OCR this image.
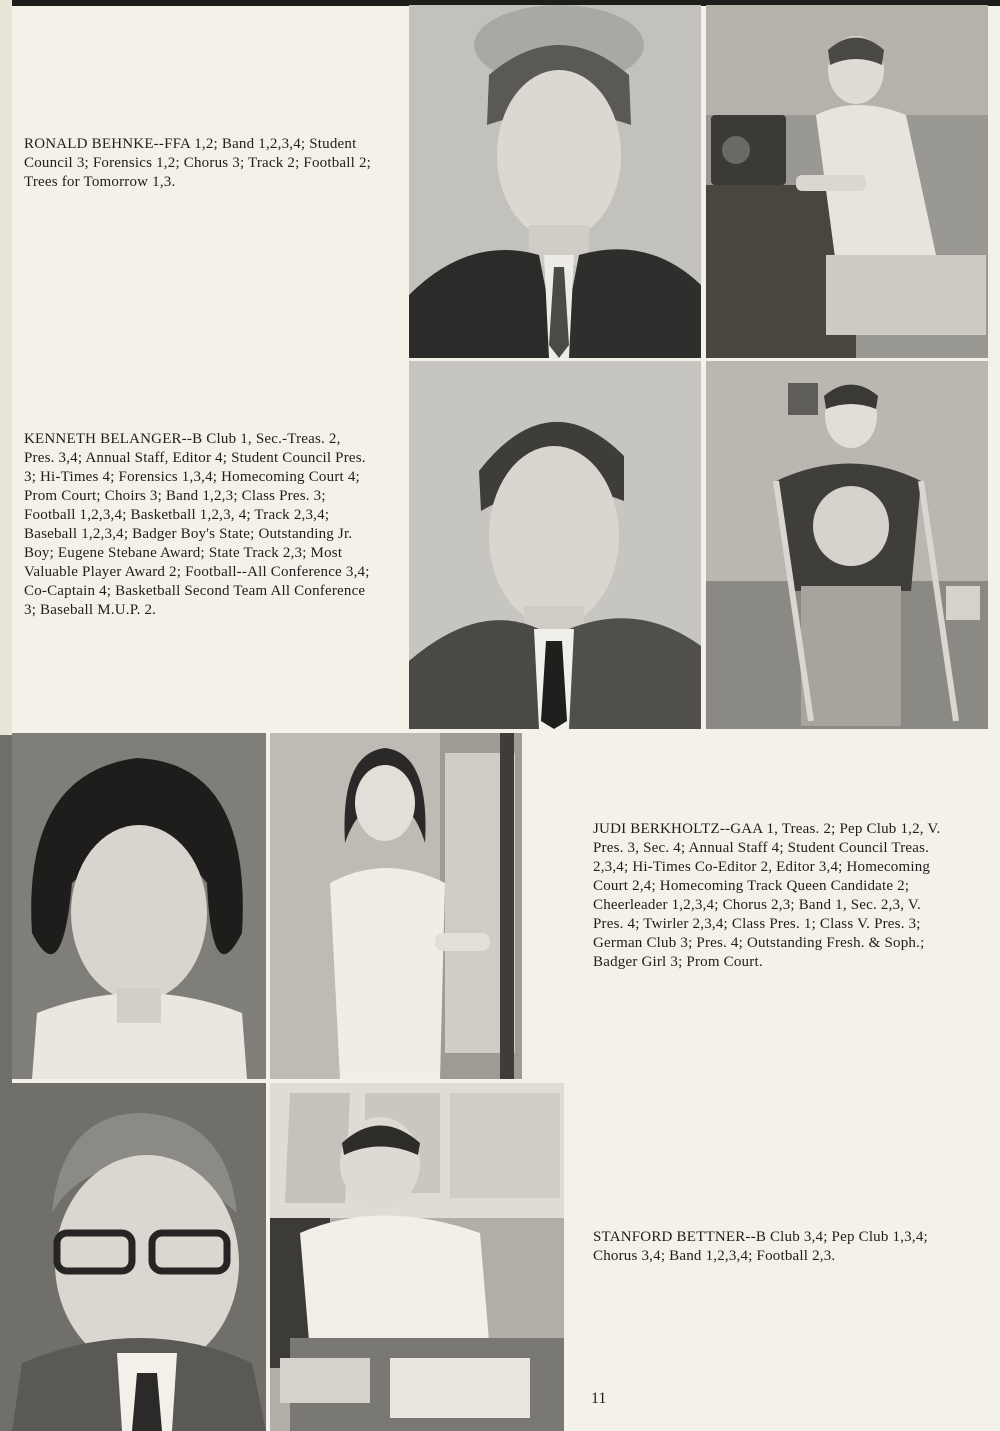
RONALD BEHNKE--FFA 1,2; Band 1,2,3,4; Student Council 3; Forensics 1,2; Chorus 3; Track 2; Football 2; Trees for Tomorrow 1,3.

KENNETH BELANGER--B Club 1, Sec.-Treas. 2, Pres. 3,4; Annual Staff, Editor 4; Student Council Pres. 3; Hi-Times 4; Forensics 1,3,4; Homecoming Court 4; Prom Court; Choirs 3; Band 1,2,3; Class Pres. 3; Football 1,2,3,4; Basketball 1,2,3, 4; Track 2,3,4; Baseball 1,2,3,4; Badger Boy's State; Outstanding Jr. Boy; Eugene Stebane Award; State Track 2,3; Most Valuable Player Award 2; Football--All Conference 3,4; Co-Captain 4; Basketball Second Team All Conference 3; Baseball M.U.P. 2.

JUDI BERKHOLTZ--GAA 1, Treas. 2; Pep Club 1,2, V. Pres. 3, Sec. 4; Annual Staff 4; Student Council Treas. 2,3,4; Hi-Times Co-Editor 2, Editor 3,4; Homecoming Court 2,4; Homecoming Track Queen Candidate 2; Cheerleader 1,2,3,4; Chorus 2,3; Band 1, Sec. 2,3, V. Pres. 4; Twirler 2,3,4; Class Pres. 1; Class V. Pres. 3; German Club 3; Pres. 4; Outstanding Fresh. & Soph.; Badger Girl 3; Prom Court.

STANFORD BETTNER--B Club 3,4; Pep Club 1,3,4; Chorus 3,4; Band 1,2,3,4; Football 2,3.

11
